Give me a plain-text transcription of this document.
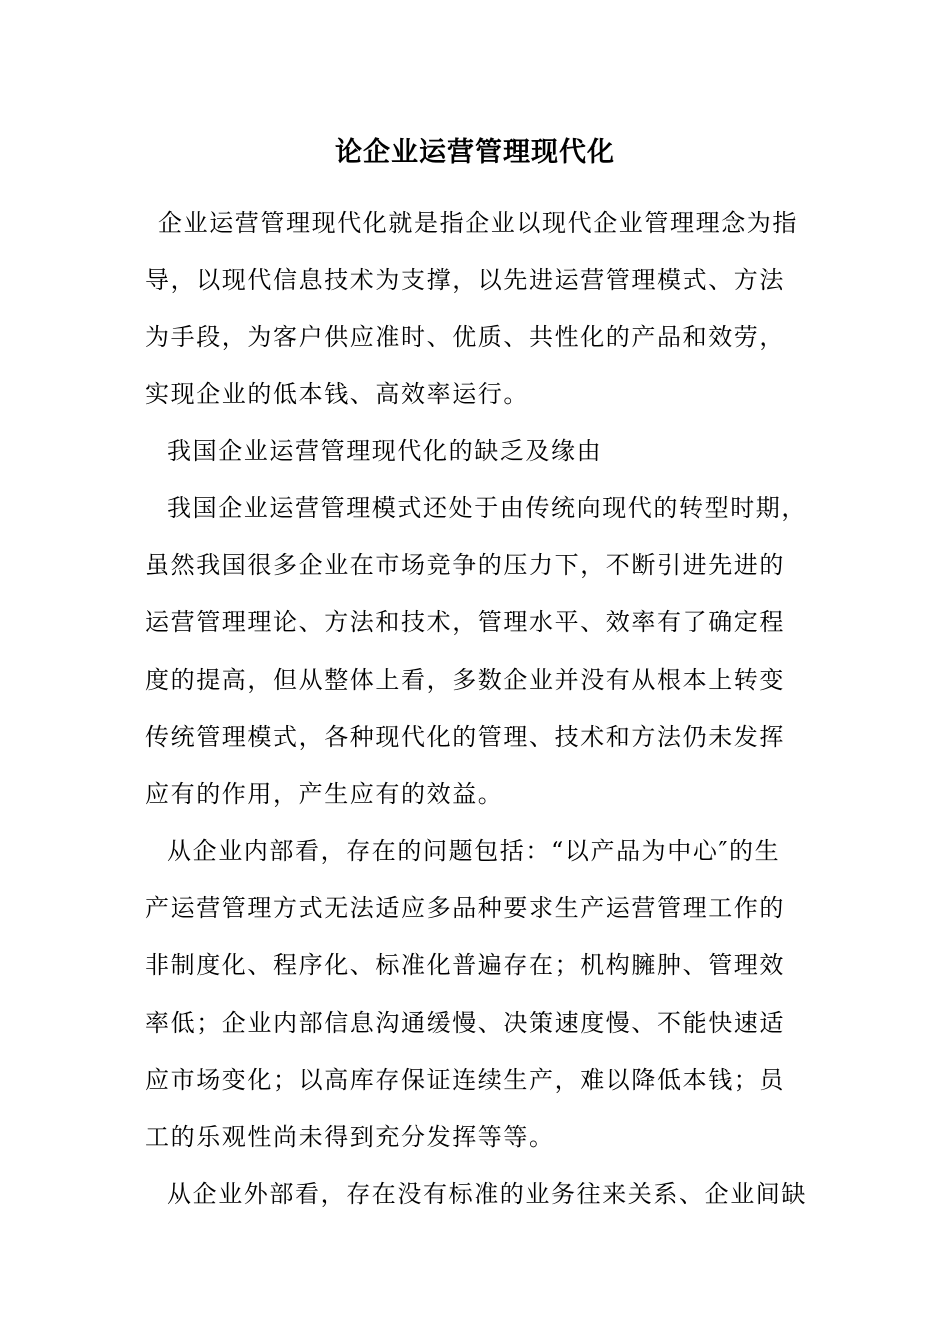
论企业运营管理现代化
企业运营管理现代化就是指企业以现代企业管理理念为指
导，以现代信息技术为支撑，以先进运营管理模式、方法
为手段，为客户供应准时、优质、共性化的产品和效劳，
实现企业的低本钱、高效率运行。
我国企业运营管理现代化的缺乏及缘由
我国企业运营管理模式还处于由传统向现代的转型时期，
虽然我国很多企业在市场竞争的压力下，不断引进先进的
运营管理理论、方法和技术，管理水平、效率有了确定程
度的提高，但从整体上看，多数企业并没有从根本上转变
传统管理模式，各种现代化的管理、技术和方法仍未发挥
应有的作用，产生应有的效益。
从企业内部看，存在的问题包括：“以产品为中心″的生
产运营管理方式无法适应多品种要求生产运营管理工作的
非制度化、程序化、标准化普遍存在；机构臃肿、管理效
率低；企业内部信息沟通缓慢、决策速度慢、不能快速适
应市场变化；以高库存保证连续生产，难以降低本钱；员
工的乐观性尚未得到充分发挥等等。
从企业外部看，存在没有标准的业务往来关系、企业间缺
